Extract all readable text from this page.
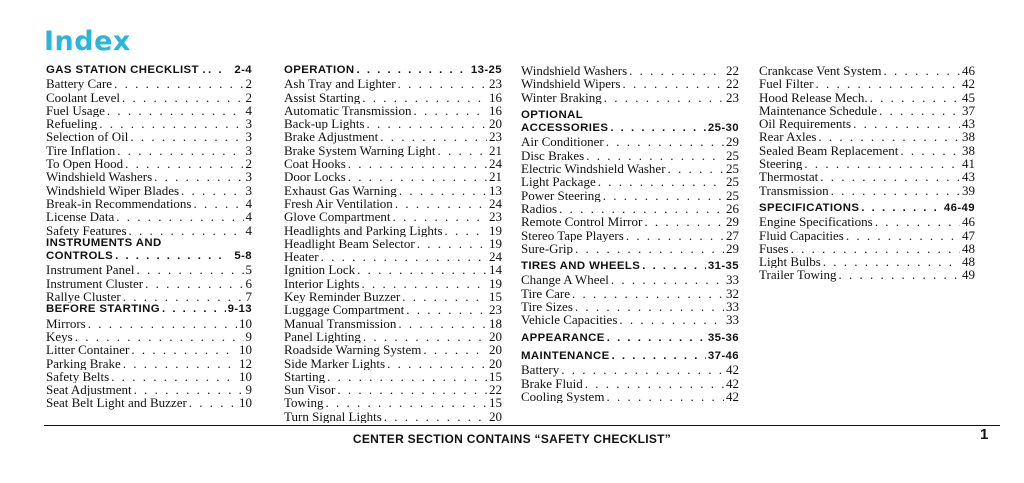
Index
GAS STATION CHECKLIST . . . .	2-4
Battery Care . . .	2
Coolant Level . . .	2
Fuel Usage . . .	4
Refueling . . .	3
Selection of Oil . . .	3
Tire Inflation . . .	3
To Open Hood . . .	2
Windshield Washers . . .	3
Windshield Wiper Blades . . .	3
Break-in Recommendations . . .	4
License Data . . .	4
Safety Features . . .	4
INSTRUMENTS AND
CONTROLS . . .	5-8
Instrument Panel . . .	5
Instrument Cluster . . .	6
Rallye Cluster . . .	7
BEFORE STARTING . . .	9-13
Mirrors . . .	10
Keys . . .	9
Litter Container . . .	10
Parking Brake . . .	12
Safety Belts . . .	10
Seat Adjustment . . .	9
Seat Belt Light and Buzzer . . .	10
OPERATION . . .	13-25
Ash Tray and Lighter . . .	23
Assist Starting . . .	16
Automatic Transmission . . .	16
Back-up Lights . . .	20
Brake Adjustment . . .	23
Brake System Warning Light . . .	21
Coat Hooks . . .	24
Door Locks . . .	21
Exhaust Gas Warning . . .	13
Fresh Air Ventilation . . .	24
Glove Compartment . . .	23
Headlights and Parking Lights . . .	19
Headlight Beam Selector . . .	19
Heater . . .	24
Ignition Lock . . .	14
Interior Lights . . .	19
Key Reminder Buzzer . . .	15
Luggage Compartment . . .	23
Manual Transmission . . .	18
Panel Lighting . . .	20
Roadside Warning System . . .	20
Side Marker Lights . . .	20
Starting . . .	15
Sun Visor . . .	22
Towing . . .	15
Turn Signal Lights . . .	20
Windshield Washers . . .	22
Windshield Wipers . . .	22
Winter Braking . . .	23
OPTIONAL
ACCESSORIES . . .	25-30
Air Conditioner . . .	29
Disc Brakes . . .	25
Electric Windshield Washer . . .	25
Light Package . . .	25
Power Steering . . .	25
Radios . . .	26
Remote Control Mirror . . .	29
Stereo Tape Players . . .	27
Sure-Grip . . .	29
TIRES AND WHEELS . . .	31-35
Change A Wheel . . .	33
Tire Care . . .	32
Tire Sizes . . .	33
Vehicle Capacities . . .	33
APPEARANCE . . .	35-36
MAINTENANCE . . .	37-46
Battery . . .	42
Brake Fluid . . .	42
Cooling System . . .	42
Crankcase Vent System . . .	46
Fuel Filter . . .	42
Hood Release Mech. . . .	45
Maintenance Schedule . . .	37
Oil Requirements . . .	43
Rear Axles . . .	38
Sealed Beam Replacement . . .	38
Steering . . .	41
Thermostat . . .	43
Transmission . . .	39
SPECIFICATIONS . . .	46-49
Engine Specifications . . .	46
Fluid Capacities . . .	47
Fuses . . .	48
Light Bulbs . . .	48
Trailer Towing . . .	49
CENTER SECTION CONTAINS “SAFETY CHECKLIST”	1
